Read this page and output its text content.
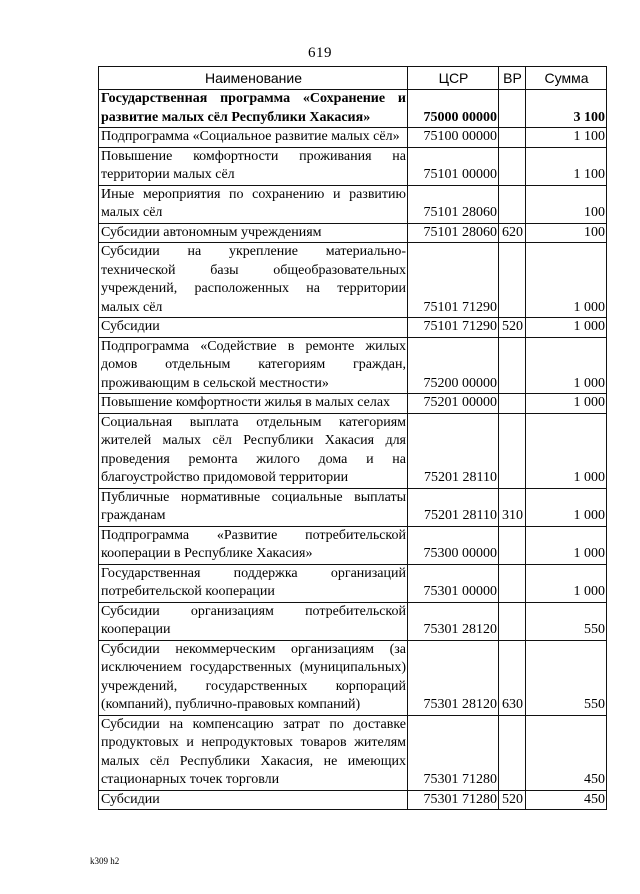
619
Наименование	ЦСР	ВР	Сумма
Государственная программа «Сохранение и развитие малых сёл Республики Хакасия»	75000 00000		3 100
Подпрограмма «Социальное развитие малых сёл»	75100 00000		1 100
Повышение комфортности проживания на территории малых сёл	75101 00000		1 100
Иные мероприятия по сохранению и развитию малых сёл	75101 28060		100
Субсидии автономным учреждениям	75101 28060	620	100
Субсидии на укрепление материально-технической базы общеобразовательных учреждений, расположенных на территории малых сёл	75101 71290		1 000
Субсидии	75101 71290	520	1 000
Подпрограмма «Содействие в ремонте жилых домов отдельным категориям граждан, проживающим в сельской местности»	75200 00000		1 000
Повышение комфортности жилья в малых селах	75201 00000		1 000
Социальная выплата отдельным категориям жителей малых сёл Республики Хакасия для проведения ремонта жилого дома и на благоустройство придомовой территории	75201 28110		1 000
Публичные нормативные социальные выплаты гражданам	75201 28110	310	1 000
Подпрограмма «Развитие потребительской кооперации в Республике Хакасия»	75300 00000		1 000
Государственная поддержка организаций потребительской кооперации	75301 00000		1 000
Субсидии организациям потребительской кооперации	75301 28120		550
Субсидии некоммерческим организациям (за исключением государственных (муниципальных) учреждений, государственных корпораций (компаний), публично-правовых компаний)	75301 28120	630	550
Субсидии на компенсацию затрат по доставке продуктовых и непродуктовых товаров жителям малых сёл Республики Хакасия, не имеющих стационарных точек торговли	75301 71280		450
Субсидии	75301 71280	520	450
k309 h2
